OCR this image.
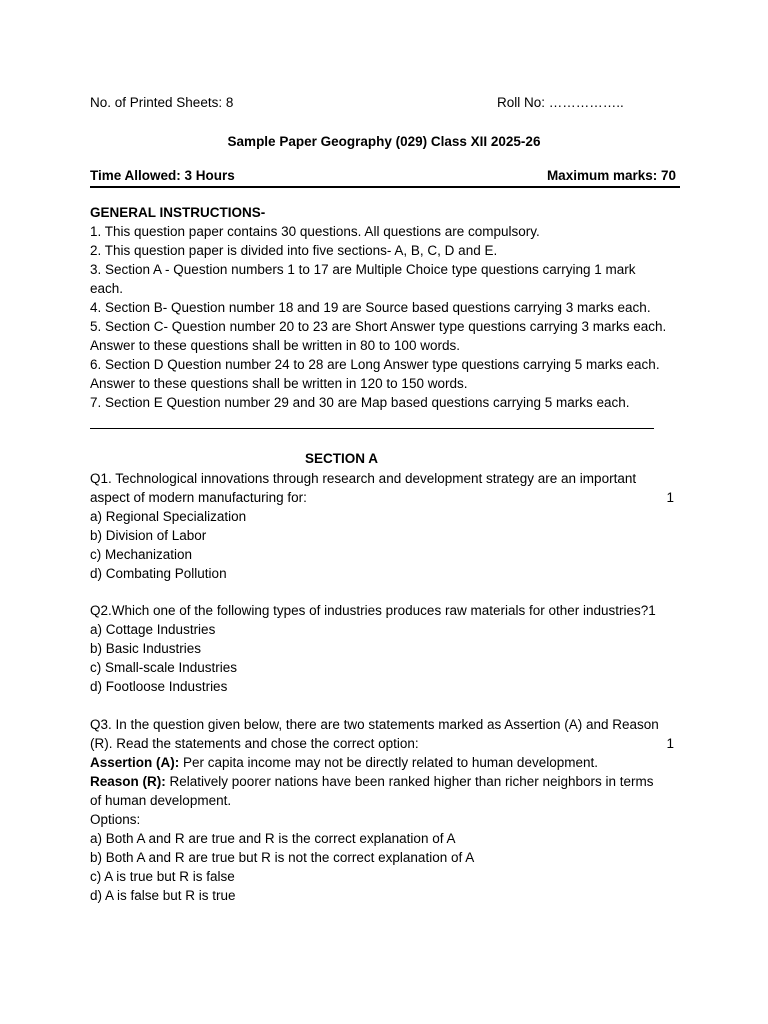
No. of Printed Sheets: 8	Roll No: ……………..
Sample Paper Geography (029) Class XII 2025-26
Time Allowed: 3 Hours	Maximum marks: 70
GENERAL INSTRUCTIONS-
1. This question paper contains 30 questions. All questions are compulsory.
2. This question paper is divided into five sections- A, B, C, D and E.
3. Section A - Question numbers 1 to 17 are Multiple Choice type questions carrying 1 mark
each.
4. Section B- Question number 18 and 19 are Source based questions carrying 3 marks each.
5. Section C- Question number 20 to 23 are Short Answer type questions carrying 3 marks each.
Answer to these questions shall be written in 80 to 100 words.
6. Section D Question number 24 to 28 are Long Answer type questions carrying 5 marks each.
Answer to these questions shall be written in 120 to 150 words.
7. Section E Question number 29 and 30 are Map based questions carrying 5 marks each.
SECTION A
Q1. Technological innovations through research and development strategy are an important
aspect of modern manufacturing for:	1
a) Regional Specialization
b) Division of Labor
c) Mechanization
d) Combating Pollution
Q2.Which one of the following types of industries produces raw materials for other industries?1
a) Cottage Industries
b) Basic Industries
c) Small-scale Industries
d) Footloose Industries
Q3. In the question given below, there are two statements marked as Assertion (A) and Reason
(R). Read the statements and chose the correct option:	1
Assertion (A): Per capita income may not be directly related to human development.
Reason (R): Relatively poorer nations have been ranked higher than richer neighbors in terms
of human development.
Options:
a) Both A and R are true and R is the correct explanation of A
b) Both A and R are true but R is not the correct explanation of A
c) A is true but R is false
d) A is false but R is true
